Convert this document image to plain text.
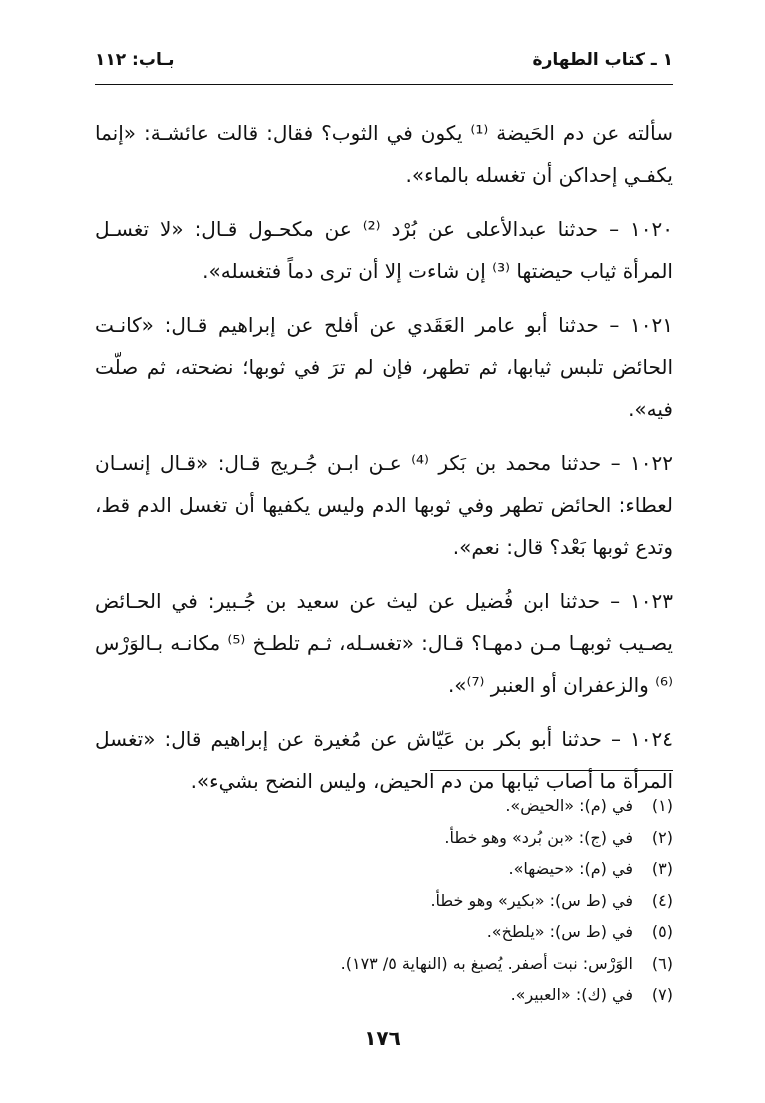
١ ـ كتاب الطهارة
بـاب: ١١٢

سألته عن دم الحَيضة ⁽¹⁾ يكون في الثوب؟ فقال: قالت عائشـة: «إنما يكفـي إحداكن أن تغسله بالماء».

١٠٢٠ – حدثنا عبدالأعلى عن بُرْد ⁽²⁾ عن مكحـول قـال: «لا تغسـل المرأة ثياب حيضتها ⁽³⁾ إن شاءت إلا أن ترى دماً فتغسله».

١٠٢١ – حدثنا أبو عامر العَقَدي عن أفلح عن إبراهيم قـال: «كانـت الحائض تلبس ثيابها، ثم تطهر، فإن لم ترَ في ثوبها؛ نضحته، ثم صلّت فيه».

١٠٢٢ – حدثنا محمد بن بَكر ⁽⁴⁾ عـن ابـن جُـريج قـال: «قـال إنسـان لعطاء: الحائض تطهر وفي ثوبها الدم وليس يكفيها أن تغسل الدم قط، وتدع ثوبها بَعْد؟ قال: نعم».

١٠٢٣ – حدثنا ابن فُضيل عن ليث عن سعيد بن جُـبير: في الحـائض يصـيب ثوبهـا مـن دمهـا؟ قـال: «تغسـله، ثـم تلطـخ ⁽⁵⁾ مكانـه بـالوَرْس ⁽⁶⁾ والزعفران أو العنبر ⁽⁷⁾».

١٠٢٤ – حدثنا أبو بكر بن عَيّاش عن مُغيرة عن إبراهيم قال: «تغسل المرأة ما أصاب ثيابها من دم الحيض، وليس النضح بشيء».

(١)في (م): «الحيض».
(٢)في (ج): «بن بُرد» وهو خطأ.
(٣)في (م): «حيضها».
(٤)في (ط س): «بكير» وهو خطأ.
(٥)في (ط س): «يلطخ».
(٦)الوَرْس: نبت أصفر. يُصبغ به (النهاية ٥/ ١٧٣).
(٧)في (ك): «العبير».
١٧٦
